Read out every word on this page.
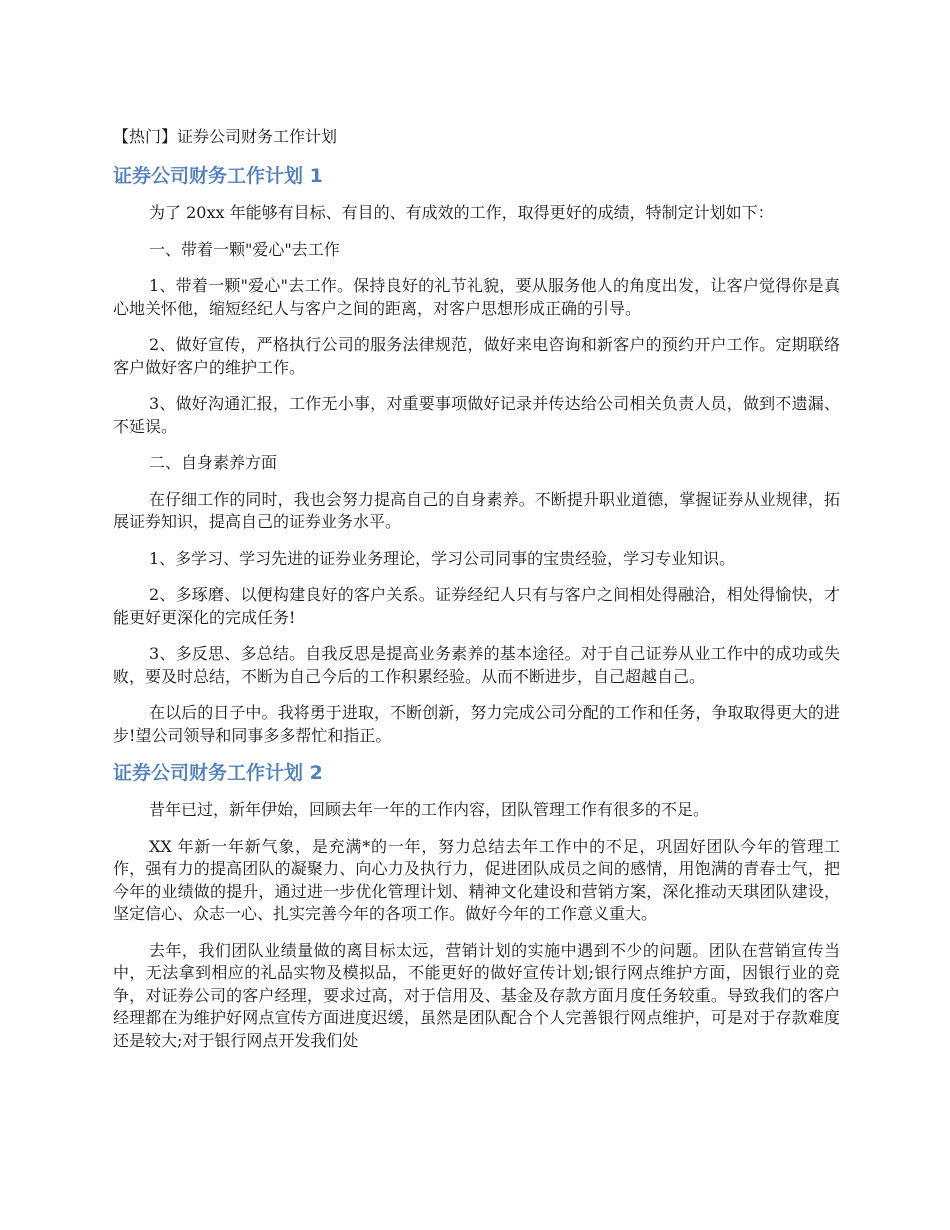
【热门】证券公司财务工作计划
证券公司财务工作计划 1

为了 20xx 年能够有目标、有目的、有成效的工作，取得更好的成绩，特制定计划如下：

一、带着一颗"爱心"去工作

1、带着一颗"爱心"去工作。保持良好的礼节礼貌，要从服务他人的角度出发，让客户觉得你是真心地关怀他，缩短经纪人与客户之间的距离，对客户思想形成正确的引导。

2、做好宣传，严格执行公司的服务法律规范，做好来电咨询和新客户的预约开户工作。定期联络客户做好客户的维护工作。

3、做好沟通汇报，工作无小事，对重要事项做好记录并传达给公司相关负责人员，做到不遗漏、不延误。

二、自身素养方面

在仔细工作的同时，我也会努力提高自己的自身素养。不断提升职业道德，掌握证券从业规律，拓展证券知识，提高自己的证券业务水平。

1、多学习、学习先进的证券业务理论，学习公司同事的宝贵经验，学习专业知识。

2、多琢磨、以便构建良好的客户关系。证券经纪人只有与客户之间相处得融洽，相处得愉快，才能更好更深化的完成任务!

3、多反思、多总结。自我反思是提高业务素养的基本途径。对于自己证券从业工作中的成功或失败，要及时总结，不断为自己今后的工作积累经验。从而不断进步，自己超越自己。

在以后的日子中。我将勇于进取，不断创新，努力完成公司分配的工作和任务，争取取得更大的进步!望公司领导和同事多多帮忙和指正。

证券公司财务工作计划 2

昔年已过，新年伊始，回顾去年一年的工作内容，团队管理工作有很多的不足。

XX 年新一年新气象，是充满*的一年，努力总结去年工作中的不足，巩固好团队今年的管理工作，强有力的提高团队的凝聚力、向心力及执行力，促进团队成员之间的感情，用饱满的青春士气，把今年的业绩做的提升，通过进一步优化管理计划、精神文化建设和营销方案，深化推动天琪团队建设，坚定信心、众志一心、扎实完善今年的各项工作。做好今年的工作意义重大。

去年，我们团队业绩量做的离目标太远，营销计划的实施中遇到不少的问题。团队在营销宣传当中，无法拿到相应的礼品实物及模拟品，不能更好的做好宣传计划;银行网点维护方面，因银行业的竞争，对证券公司的客户经理，要求过高，对于信用及、基金及存款方面月度任务较重。导致我们的客户经理都在为维护好网点宣传方面进度迟缓，虽然是团队配合个人完善银行网点维护，可是对于存款难度还是较大;对于银行网点开发我们处
